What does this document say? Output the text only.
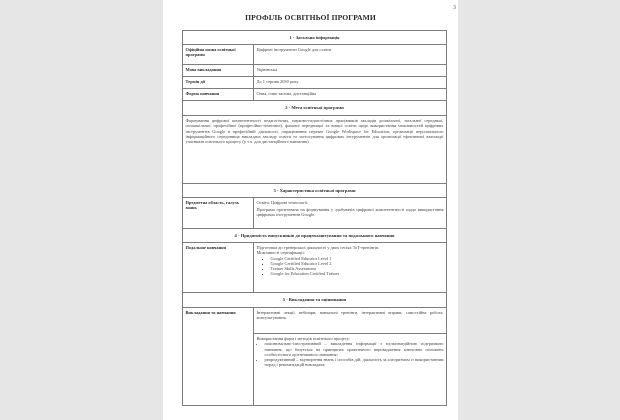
3
ПРОФІЛЬ ОСВІТНЬОЇ ПРОГРАМИ
1 - Загальна інформація	
Офіційна назва освітньої програми	Цифрові інструменти Google для освіти
Мова викладання	Українська
Термін дії	До 1 серпня 2030 року
Форма навчання	Очна, очно-заочна, дистанційна
2 - Мета освітньої програми	
Формування цифрової компетентності педагогічних, науково-педагогічних працівників закладів дошкільної, загальної середньої, позашкільної, професійної (професійно-технічної), фахової передвищої та вищої освіти щодо використання можливостей цифрових інструментів Google в професійній діяльності, опрацювання переваг Google Workspace for Education, організації персонального інформаційного середовища викладача закладу освіти та застосування цифрових інструментів для організації ефективної взаємодії учасників освітнього процесу (у т.ч. для дистанційного навчання).	
3 - Характеристика освітньої програми	
Предметна область, галузь знань	Освіта. Цифрові технології.

Програма орієнтована на формування у здобувачів цифрової компетентності щодо використання цифрових інструментів Google.

4 - Придатність випускників до працевлаштування та подальшого навчання	
Подальше навчання	Підготовка до тренерської діяльності у двох сесіях ToT-тренінгів.

Можливості сертифікації:

▪ Google Certified Educator Level 1
▪ Google Certified Educator Level 2
▪ Trainer Skills Assessment
▪ Google for Education Certified Trainer

5 - Викладання та оцінювання	
Викладання та навчання	Інтерактивні лекції, вебінари, навчальні тренінги, інтерактивні вправи, самостійна робота, консультування.

Використання форм і методів освітнього процесу:

• пояснювально-ілюстративний – викладення інформації з мультимедійною підтримкою навчання, що базується на принципах практичного впровадження ключових положень особистісного орієнтованого навчання;
• репродуктивний – відтворення знань і способів дій, діяльність за алгоритмом із використанням порад і рекомендацій викладача;
